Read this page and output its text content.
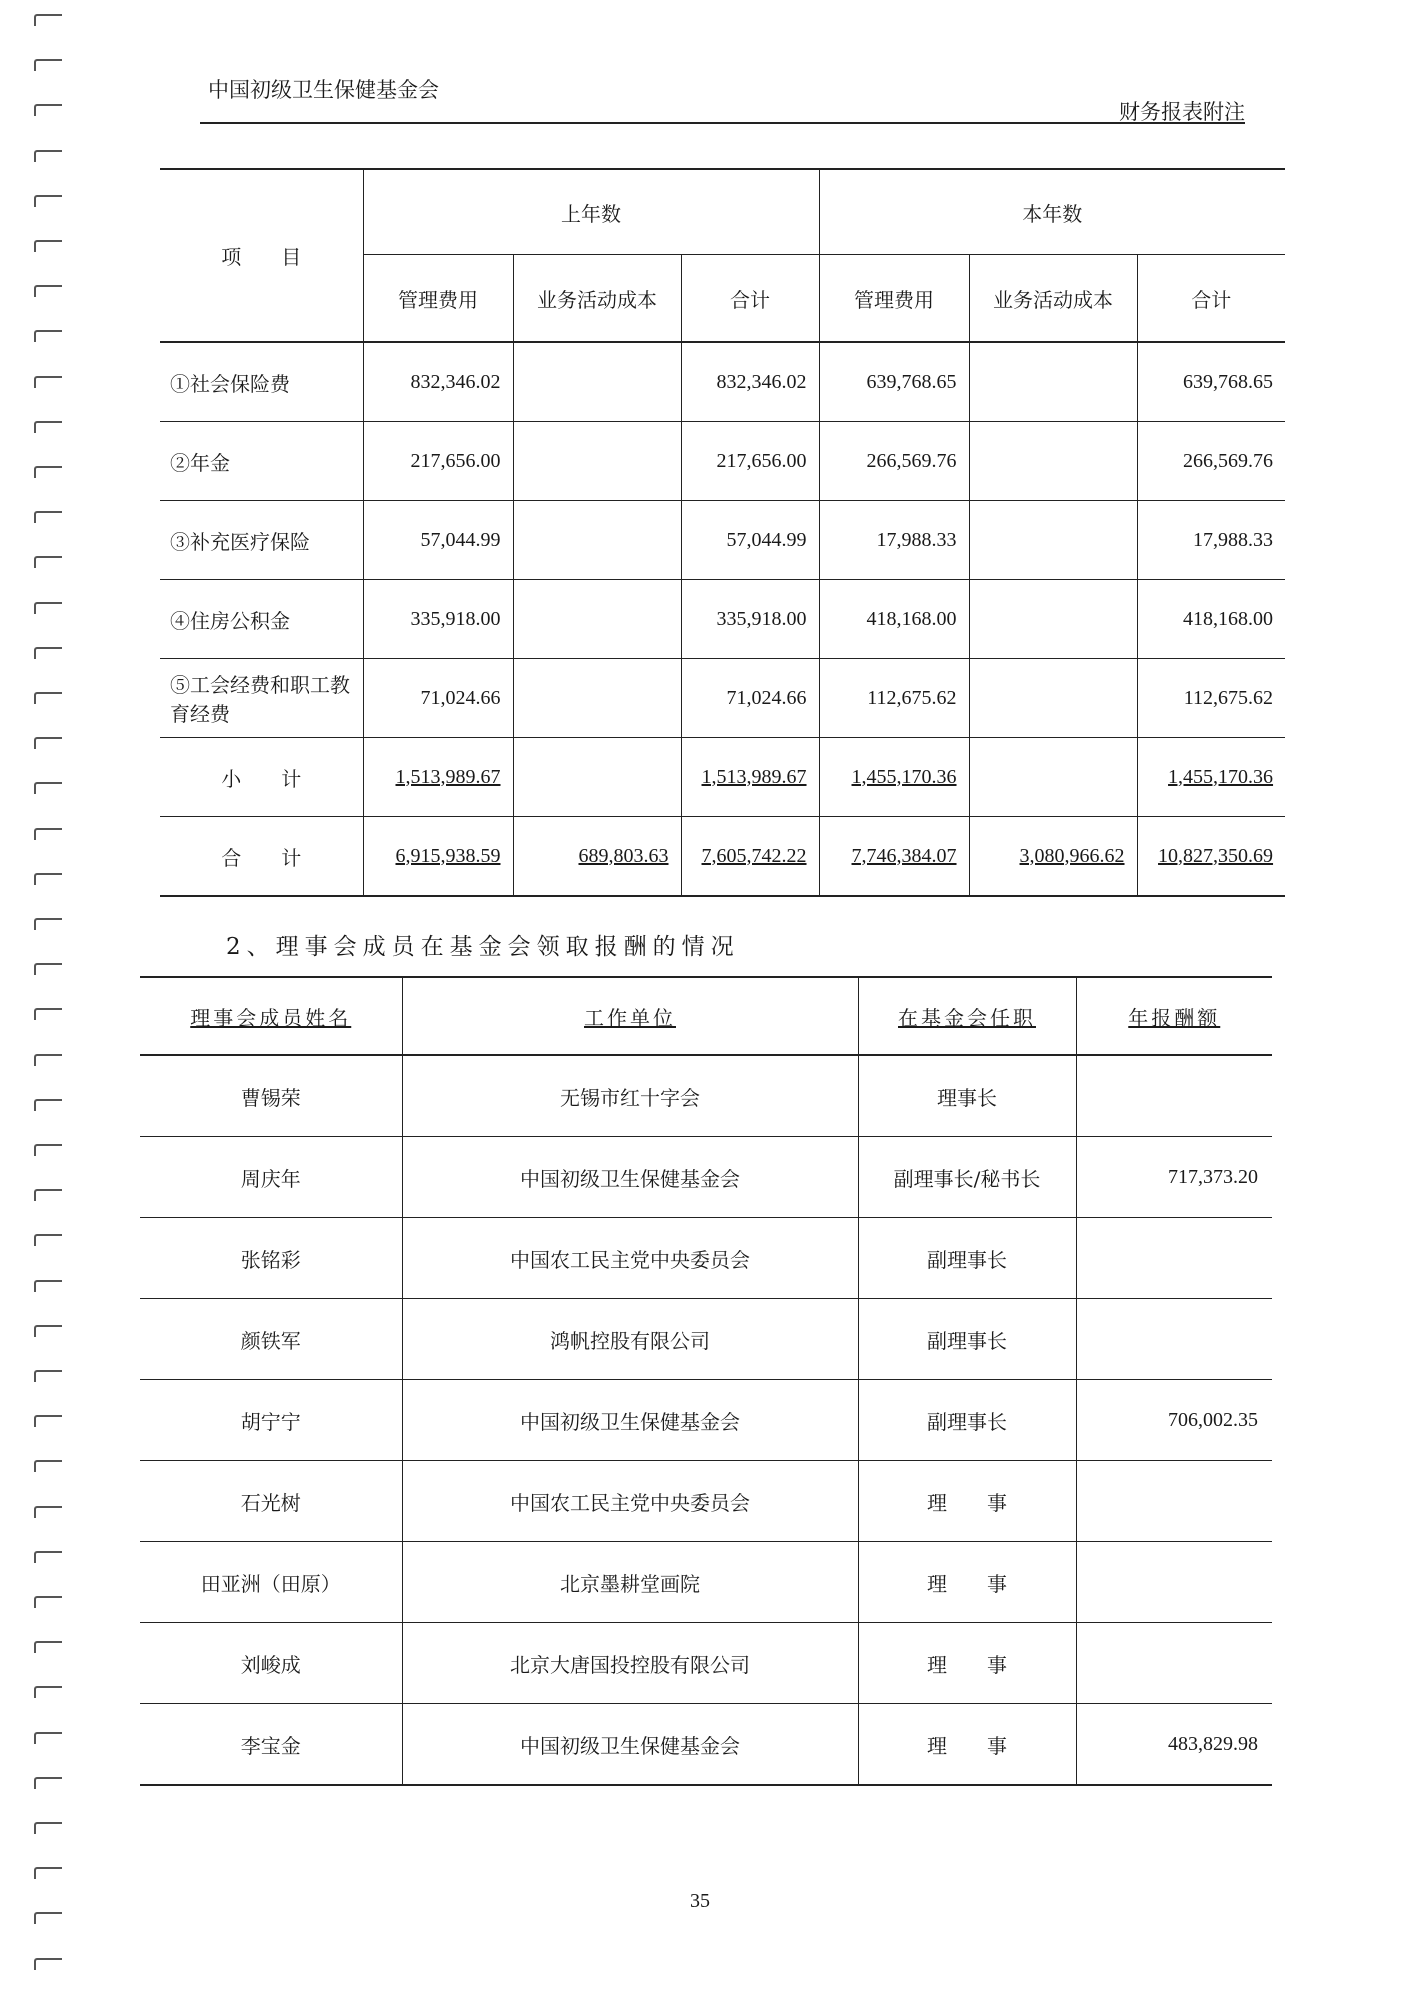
中国初级卫生保健基金会
财务报表附注
项　　目	上年数			本年数		
	管理费用	业务活动成本	合计	管理费用	业务活动成本	合计
①社会保险费	832,346.02		832,346.02	639,768.65		639,768.65
②年金	217,656.00		217,656.00	266,569.76		266,569.76
③补充医疗保险	57,044.99		57,044.99	17,988.33		17,988.33
④住房公积金	335,918.00		335,918.00	418,168.00		418,168.00
⑤工会经费和职工教育经费	71,024.66		71,024.66	112,675.62		112,675.62
小　　计	1,513,989.67		1,513,989.67	1,455,170.36		1,455,170.36
合　　计	6,915,938.59	689,803.63	7,605,742.22	7,746,384.07	3,080,966.62	10,827,350.69
2、理事会成员在基金会领取报酬的情况
理事会成员姓名	工作单位	在基金会任职	年报酬额
曹锡荣	无锡市红十字会	理事长	
周庆年	中国初级卫生保健基金会	副理事长/秘书长	717,373.20
张铭彩	中国农工民主党中央委员会	副理事长	
颜铁军	鸿帆控股有限公司	副理事长	
胡宁宁	中国初级卫生保健基金会	副理事长	706,002.35
石光树	中国农工民主党中央委员会	理　　事	
田亚洲（田原）	北京墨耕堂画院	理　　事	
刘峻成	北京大唐国投控股有限公司	理　　事	
李宝金	中国初级卫生保健基金会	理　　事	483,829.98
35
